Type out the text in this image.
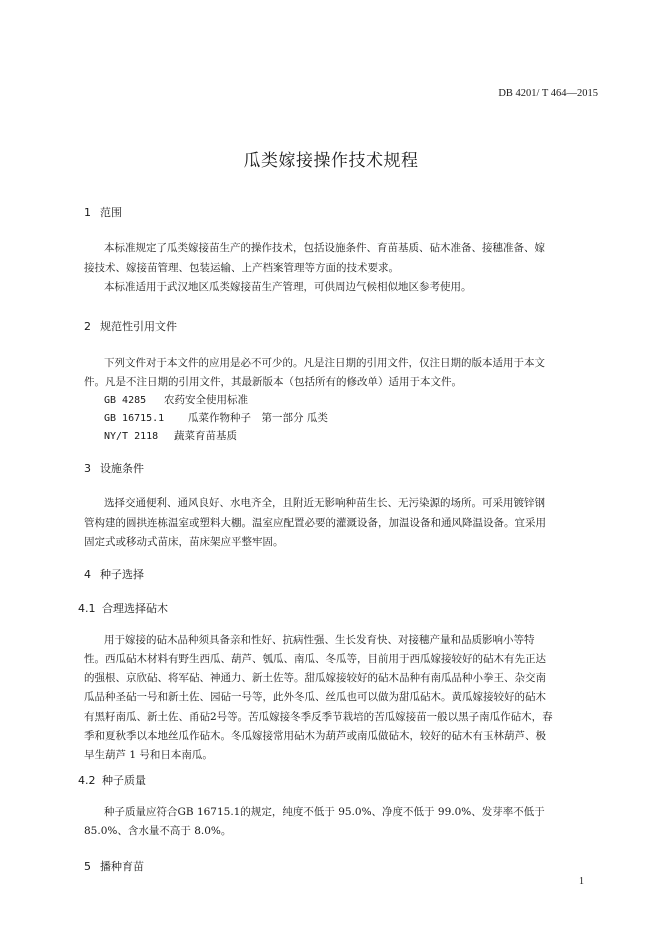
DB 4201/ T 464—2015
瓜类嫁接操作技术规程
1 范围
本标准规定了瓜类嫁接苗生产的操作技术，包括设施条件、育苗基质、砧木准备、接穗准备、嫁
接技术、嫁接苗管理、包装运输、上产档案管理等方面的技术要求。
本标准适用于武汉地区瓜类嫁接苗生产管理，可供周边气候相似地区参考使用。
2 规范性引用文件
下列文件对于本文件的应用是必不可少的。凡是注日期的引用文件，仅注日期的版本适用于本文
件。凡是不注日期的引用文件，其最新版本（包括所有的修改单）适用于本文件。
GB 4285 农药安全使用标准
GB 16715.1 瓜菜作物种子　第一部分 瓜类
NY/T 2118 蔬菜育苗基质
3 设施条件
选择交通便利、通风良好、水电齐全，且附近无影响种苗生长、无污染源的场所。可采用镀锌钢
管构建的圆拱连栋温室或塑料大棚。温室应配置必要的灌溉设备，加温设备和通风降温设备。宜采用
固定式或移动式苗床，苗床架应平整牢固。
4 种子选择
4.1 合理选择砧木
用于嫁接的砧木品种须具备亲和性好、抗病性强、生长发育快、对接穗产量和品质影响小等特
性。西瓜砧木材料有野生西瓜、葫芦、瓠瓜、南瓜、冬瓜等，目前用于西瓜嫁接较好的砧木有先正达
的强根、京欣砧、将军砧、神通力、新土佐等。甜瓜嫁接较好的砧木品种有南瓜品种小拳王、杂交南
瓜品种圣砧一号和新土佐、园砧一号等，此外冬瓜、丝瓜也可以做为甜瓜砧木。黄瓜嫁接较好的砧木
有黑籽南瓜、新土佐、甬砧2号等。苦瓜嫁接冬季反季节栽培的苦瓜嫁接苗一般以黑子南瓜作砧木，春
季和夏秋季以本地丝瓜作砧木。冬瓜嫁接常用砧木为葫芦或南瓜做砧木，较好的砧木有玉林葫芦、极
早生葫芦 1 号和日本南瓜。
4.2 种子质量
种子质量应符合GB 16715.1的规定，纯度不低于 95.0%、净度不低于 99.0%、发芽率不低于
85.0%、含水量不高于 8.0%。
5 播种育苗
1
